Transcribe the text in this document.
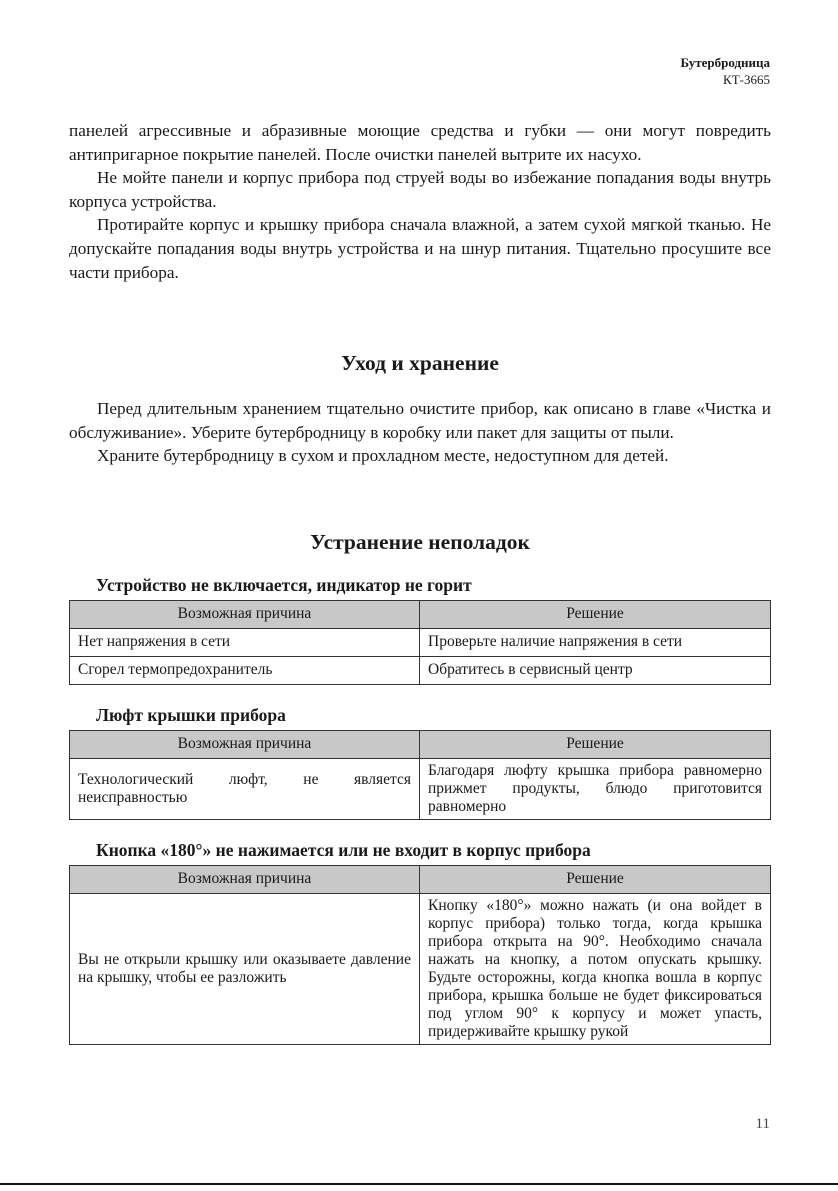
Бутербродница
КТ-3665

панелей агрессивные и абразивные моющие средства и губки — они могут повредить антипригарное покрытие панелей. После очистки панелей вытрите их насухо.

Не мойте панели и корпус прибора под струей воды во избежание попадания воды внутрь корпуса устройства.

Протирайте корпус и крышку прибора сначала влажной, а затем сухой мягкой тканью. Не допускайте попадания воды внутрь устройства и на шнур питания. Тщательно просушите все части прибора.

Уход и хранение

Перед длительным хранением тщательно очистите прибор, как описано в главе «Чистка и обслуживание». Уберите бутербродницу в коробку или пакет для защиты от пыли.

Храните бутербродницу в сухом и прохладном месте, недоступном для детей.

Устранение неполадок
Устройство не включается, индикатор не горит
Возможная причина	Решение
Нет напряжения в сети	Проверьте наличие напряжения в сети
Сгорел термопредохранитель	Обратитесь в сервисный центр
Люфт крышки прибора
Возможная причина	Решение
Технологический люфт, не является неисправностью	Благодаря люфту крышка прибора равномерно прижмет продукты, блюдо приготовится равномерно
Кнопка «180°» не нажимается или не входит в корпус прибора
Возможная причина	Решение
Вы не открыли крышку или оказываете давление на крышку, чтобы ее разложить	Кнопку «180°» можно нажать (и она войдет в корпус прибора) только тогда, когда крышка прибора открыта на 90°. Необходимо сначала нажать на кнопку, а потом опускать крышку. Будьте осторожны, когда кнопка вошла в корпус прибора, крышка больше не будет фиксироваться под углом 90° к корпусу и может упасть, придерживайте крышку рукой
11
